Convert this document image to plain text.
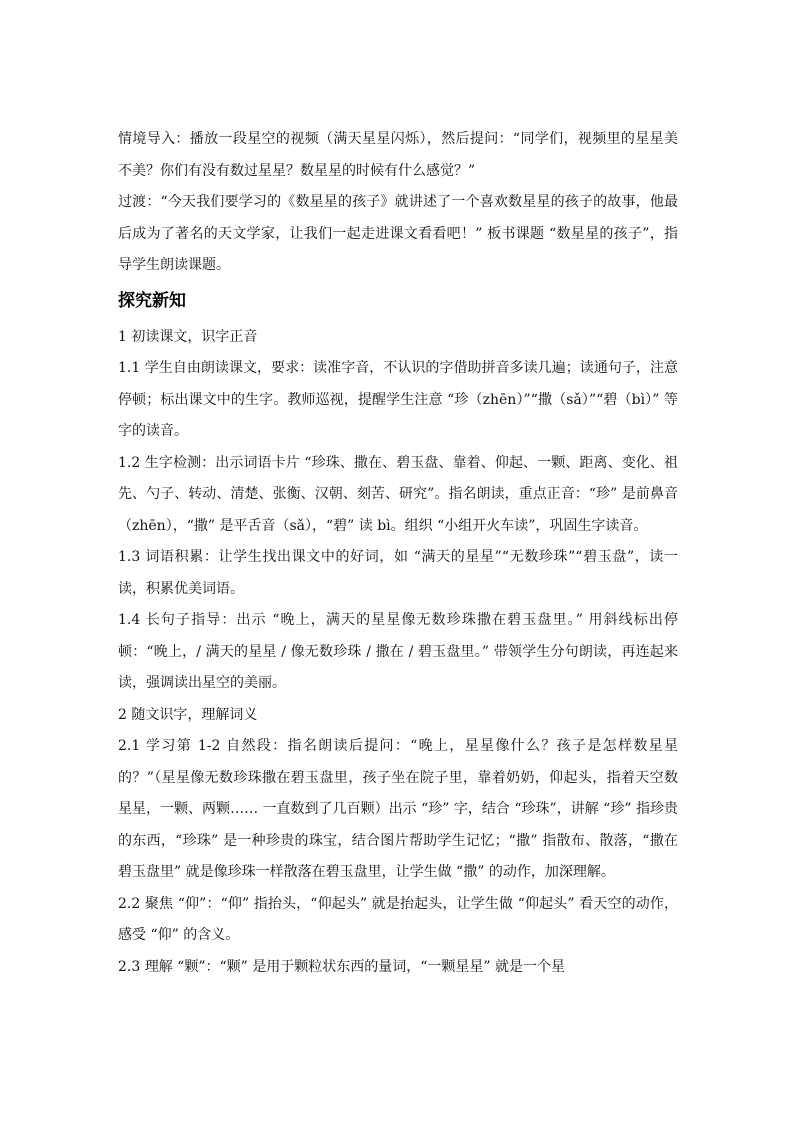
情境导入：播放一段星空的视频（满天星星闪烁），然后提问：“同学们，视频里的星星美不美？你们有没有数过星星？数星星的时候有什么感觉？”

过渡：“今天我们要学习的《数星星的孩子》就讲述了一个喜欢数星星的孩子的故事，他最后成为了著名的天文学家，让我们一起走进课文看看吧！” 板书课题 “数星星的孩子”，指导学生朗读课题。

探究新知

1 初读课文，识字正音

1.1 学生自由朗读课文，要求：读准字音，不认识的字借助拼音多读几遍；读通句子，注意停顿；标出课文中的生字。教师巡视，提醒学生注意 “珍（zhēn）”“撒（sǎ）”“碧（bì）” 等字的读音。

1.2 生字检测：出示词语卡片 “珍珠、撒在、碧玉盘、靠着、仰起、一颗、距离、变化、祖先、勺子、转动、清楚、张衡、汉朝、刻苦、研究”。指名朗读，重点正音：“珍” 是前鼻音（zhēn），“撒” 是平舌音（sǎ），“碧” 读 bì。组织 “小组开火车读”，巩固生字读音。

1.3 词语积累：让学生找出课文中的好词，如 “满天的星星”“无数珍珠”“碧玉盘”，读一读，积累优美词语。

1.4 长句子指导：出示 “晚上，满天的星星像无数珍珠撒在碧玉盘里。” 用斜线标出停顿：“晚上，/ 满天的星星 / 像无数珍珠 / 撒在 / 碧玉盘里。” 带领学生分句朗读，再连起来读，强调读出星空的美丽。

2 随文识字，理解词义

2.1 学习第 1-2 自然段：指名朗读后提问：“晚上，星星像什么？孩子是怎样数星星的？”（星星像无数珍珠撒在碧玉盘里，孩子坐在院子里，靠着奶奶，仰起头，指着天空数星星，一颗、两颗…… 一直数到了几百颗）出示 “珍” 字，结合 “珍珠”，讲解 “珍” 指珍贵的东西，“珍珠” 是一种珍贵的珠宝，结合图片帮助学生记忆；“撒” 指散布、散落，“撒在碧玉盘里” 就是像珍珠一样散落在碧玉盘里，让学生做 “撒” 的动作，加深理解。

2.2 聚焦 “仰”：“仰” 指抬头，“仰起头” 就是抬起头，让学生做 “仰起头” 看天空的动作，感受 “仰” 的含义。

2.3 理解 “颗”：“颗” 是用于颗粒状东西的量词，“一颗星星” 就是一个星
